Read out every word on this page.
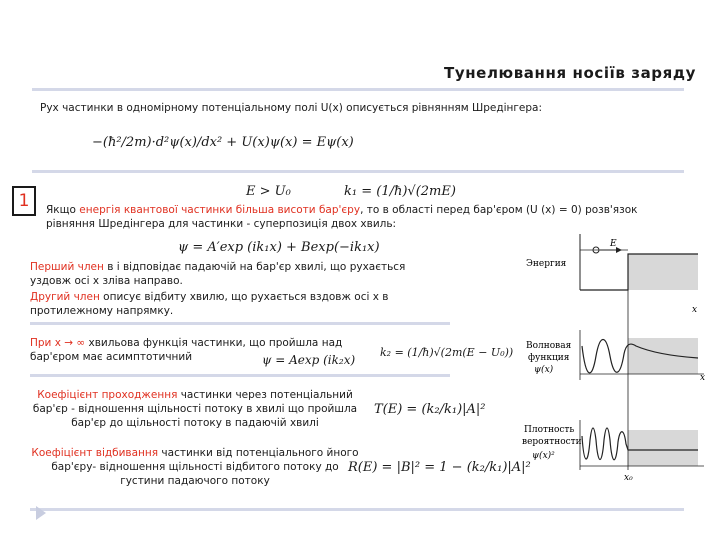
Тунелювання носіїв заряду
Рух частинки в одномірному потенціальному полі U(x) описується рівнянням Шредінгера:
−(ħ²/2m)·d²ψ(x)/dx² + U(x)ψ(x) = Eψ(x)
E > U₀	k₁ = (1/ħ)√(2mE)
1	Якщо енергія квантової частинки більша висоти бар'єру, то в області перед бар'єром (U (x) = 0) розв'язок рівняння Шредінгера для частинки - суперпозиція двох хвиль:
ψ = A′exp (ik₁x) + Bexp(−ik₁x)
Перший член в і відповідає падаючій на бар'єр хвилі, що рухається уздовж осі x зліва направо.
Другий член описує відбиту хвилю, що рухається вздовж осі x в протилежному напрямку.
При x → ∞ хвильова функція частинки, що пройшла над бар'єром має асимптотичний	ψ = Aexp (ik₂x)
k₂ = (1/ħ)√(2m(E − U₀))
Коефіцієнт проходження частинки через потенціальний бар'єр - відношення щільності потоку в хвилі що пройшла бар'єр до щільності потоку в падаючій хвилі
T(E) = (k₂/k₁)|A|²
Коефіцієнт відбивання частинки від потенціального йного бар'єру- відношення щільності відбитого потоку до густини падаючого потоку
R(E) = |B|² = 1 − (k₂/k₁)|A|²
Энергия
E
x
Волновая
функция
ψ(x)
x
Плотность
вероятности
ψ(x)²
x₀
